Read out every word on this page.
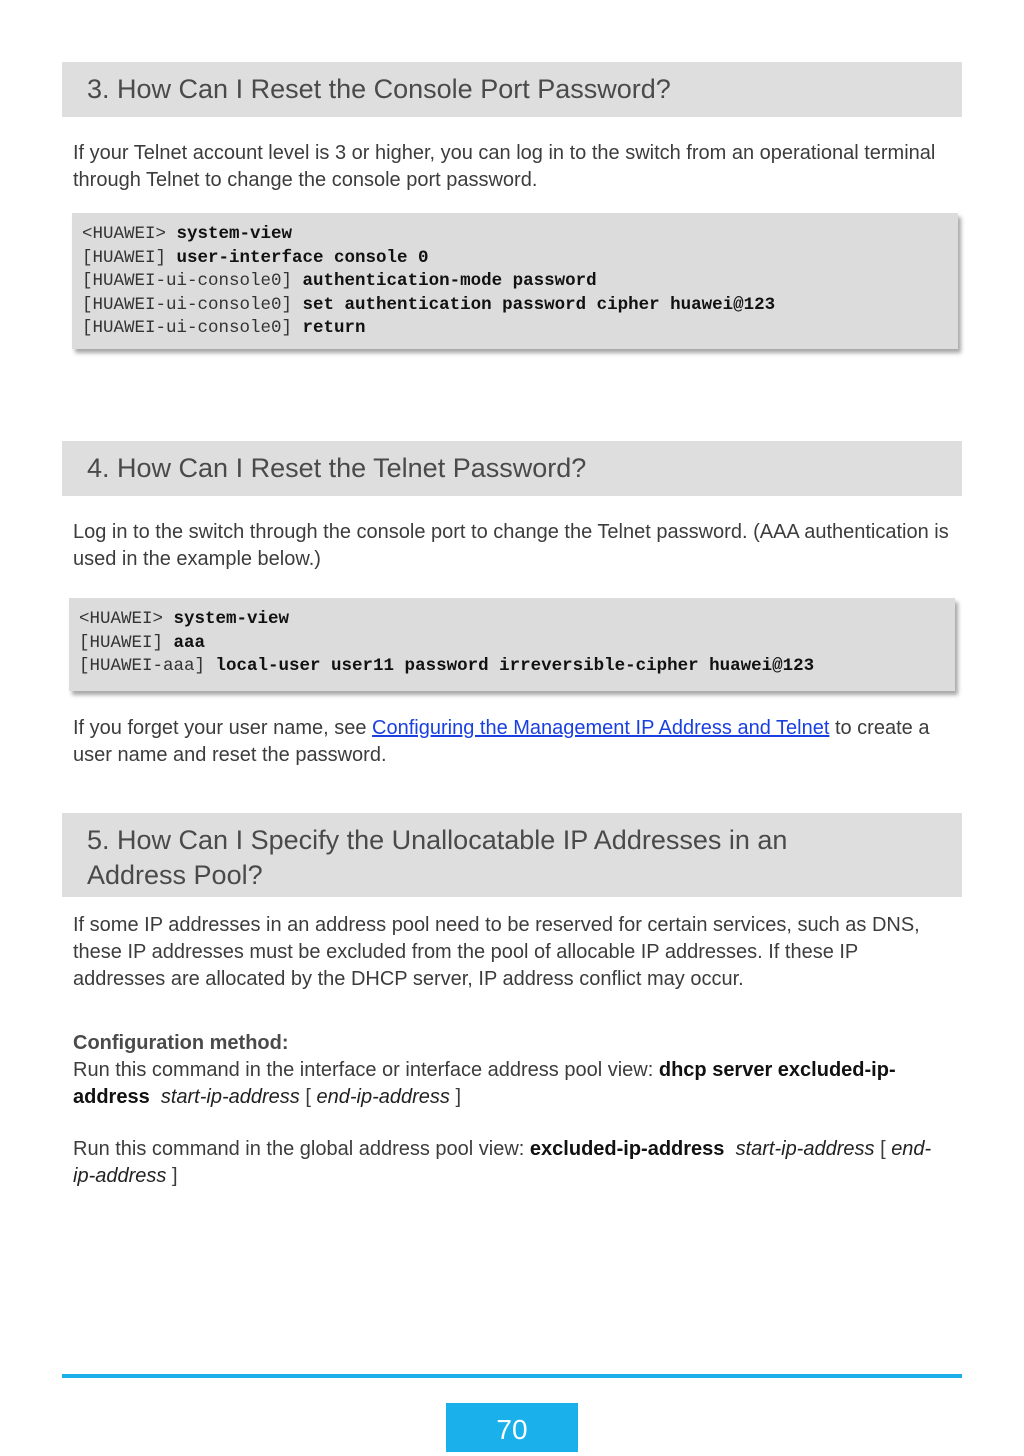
3. How Can I Reset the Console Port Password?

If your Telnet account level is 3 or higher, you can log in to the switch from an operational terminal through Telnet to change the console port password.

<HUAWEI> system-view
[HUAWEI] user-interface console 0
[HUAWEI-ui-console0] authentication-mode password
[HUAWEI-ui-console0] set authentication password cipher huawei@123
[HUAWEI-ui-console0] return
4. How Can I Reset the Telnet Password?

Log in to the switch through the console port to change the Telnet password. (AAA authentication is used in the example below.)

<HUAWEI> system-view
[HUAWEI] aaa
[HUAWEI-aaa] local-user user11 password irreversible-cipher huawei@123

If you forget your user name, see Configuring the Management IP Address and Telnet to create a user name and reset the password.

5. How Can I Specify the Unallocatable IP Addresses in an
Address Pool?

If some IP addresses in an address pool need to be reserved for certain services, such as DNS, these IP addresses must be excluded from the pool of allocable IP addresses. If these IP addresses are allocated by the DHCP server, IP address conflict may occur.

Configuration method:

Run this command in the interface or interface address pool view: dhcp server excluded-ip-address start-ip-address [ end-ip-address ]

Run this command in the global address pool view: excluded-ip-address start-ip-address [ end-ip-address ]

70
